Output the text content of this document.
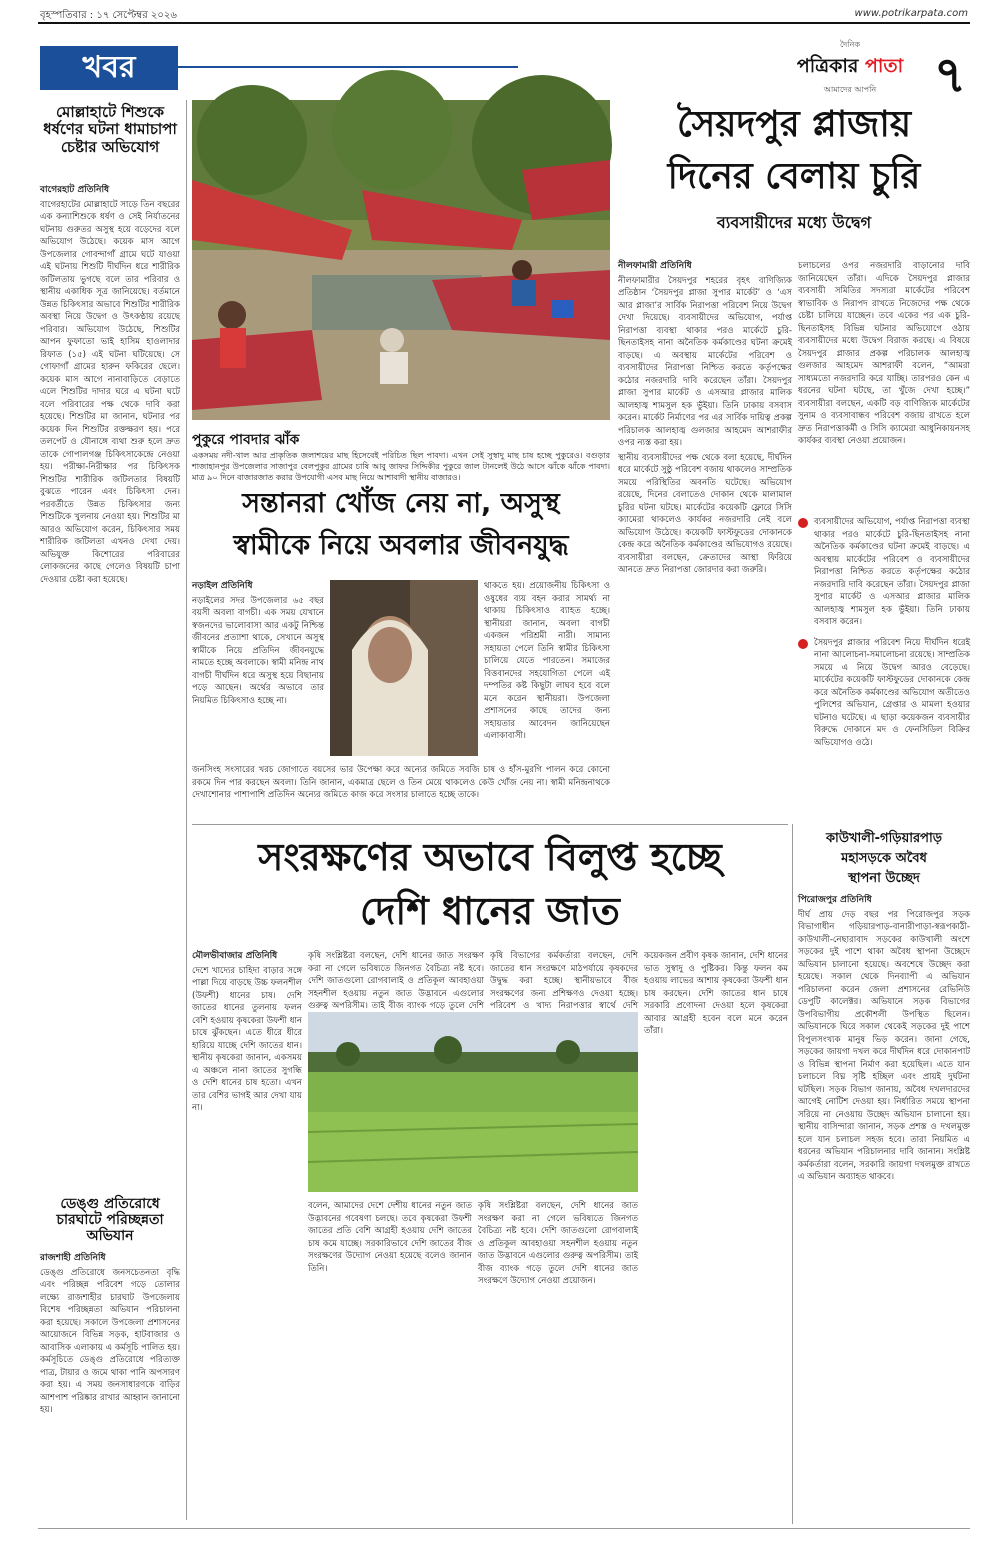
বৃহস্পতিবার : ১৭ সেপ্টেম্বর ২০২৬	www.potrikarpata.com
খবর
দৈনিক
পত্রিকার পাতা
আমাদের আপনি ৭
মোল্লাহাটে শিশুকে ধর্ষণের ঘটনা ধামাচাপা চেষ্টার অভিযোগ
বাগেরহাট প্রতিনিধি

বাগেরহাটের মোল্লাহাটে সাড়ে তিন বছরের এক কন্যাশিশুকে ধর্ষণ ও সেই নির্যাতনের ঘটনায় গুরুতর অসুস্থ হয়ে বড়েদের বলে অভিযোগ উঠেছে। কয়েক মাস আগে উপজেলার গোবন্দাগাঁ গ্রামে ঘটে যাওয়া এই ঘটনায় শিশুটি দীর্ঘদিন ধরে শারীরিক জটিলতায় ভুগছে বলে তার পরিবার ও স্থানীয় একাধিক সূত্র জানিয়েছে। বর্তমানে উন্নত চিকিৎসার অভাবে শিশুটির শারীরিক অবস্থা নিয়ে উদ্বেগ ও উৎকণ্ঠায় রয়েছে পরিবার। অভিযোগ উঠেছে, শিশুটির আপন ফুফাতো ভাই হাসিম হাওলাদার রিফাত (১৫) এই ঘটনা ঘটিয়েছে। সে গোফাগাঁ গ্রামের হারুন ফকিরের ছেলে। কয়েক মাস আগে নানাবাড়িতে বেড়াতে এলে শিশুটির দাদার ঘরে এ ঘটনা ঘটে বলে পরিবারের পক্ষ থেকে দাবি করা হয়েছে। শিশুটির মা জানান, ঘটনার পর কয়েক দিন শিশুটির রক্তক্ষরণ হয়। পরে তলপেট ও যৌনাঙ্গে ব্যথা শুরু হলে দ্রুত তাকে গোপালগঞ্জ চিকিৎসাকেন্দ্রে নেওয়া হয়। পরীক্ষা-নিরীক্ষার পর চিকিৎসক শিশুটির শারীরিক জটিলতার বিষয়টি বুঝতে পারেন এবং চিকিৎসা দেন। পরবর্তীতে উন্নত চিকিৎসার জন্য শিশুটিকে খুলনায় নেওয়া হয়। শিশুটির মা আরও অভিযোগ করেন, চিকিৎসার সময় শারীরিক জটিলতা এখনও দেখা দেয়। অভিযুক্ত কিশোরের পরিবারের লোকজনের কাছে গেলেও বিষয়টি চাপা দেওয়ার চেষ্টা করা হয়েছে।

ডেঙ্গু প্রতিরোধে চারঘাটে পরিচ্ছন্নতা অভিযান
রাজশাহী প্রতিনিধি

ডেঙ্গু প্রতিরোধে জনসচেতনতা বৃদ্ধি এবং পরিচ্ছন্ন পরিবেশ গড়ে তোলার লক্ষ্যে রাজশাহীর চারঘাট উপজেলায় বিশেষ পরিচ্ছন্নতা অভিযান পরিচালনা করা হয়েছে। সকালে উপজেলা প্রশাসনের আয়োজনে বিভিন্ন সড়ক, হাটবাজার ও আবাসিক এলাকায় এ কর্মসূচি পালিত হয়। কর্মসূচিতে ডেঙ্গু প্রতিরোধে পরিত্যক্ত পাত্র, টায়ার ও জমে থাকা পানি অপসারণ করা হয়। এ সময় জনসাধারণকে বাড়ির আশপাশ পরিষ্কার রাখার আহ্বান জানানো হয়।

পুকুরে পাবদার ঝাঁক
একসময় নদী-খাল আর প্রাকৃতিক জলাশয়ের মাছ হিসেবেই পরিচিত ছিল পাবদা। এখন সেই সুস্বাদু মাছ চাষ হচ্ছে পুকুরেও। বগুড়ার শাজাহানপুর উপজেলার সাজাপুর বেলপুকুর গ্রামের চাষি আবু জাফর সিদ্দিকীর পুকুরে জাল টানলেই উঠে আসে ঝাঁকে ঝাঁকে পাবদা। মাত্র ৯০ দিনে বাজারজাত করার উপযোগী এসব মাছ নিয়ে আশাবাদী স্থানীয় বাজারও।
সৈয়দপুর প্লাজায়
দিনের বেলায় চুরি
ব্যবসায়ীদের মধ্যে উদ্বেগ
নীলফামারী প্রতিনিধি

নীলফামারীর সৈয়দপুর শহরের বৃহৎ বাণিজ্যিক প্রতিষ্ঠান ‘সৈয়দপুর প্লাজা সুপার মার্কেট’ ও ‘এস আর প্লাজা’র সার্বিক নিরাপত্তা পরিবেশ নিয়ে উদ্বেগ দেখা দিয়েছে। ব্যবসায়ীদের অভিযোগ, পর্যাপ্ত নিরাপত্তা ব্যবস্থা থাকার পরও মার্কেটে চুরি-ছিনতাইসহ নানা অনৈতিক কর্মকাণ্ডের ঘটনা ক্রমেই বাড়ছে। এ অবস্থায় মার্কেটের পরিবেশ ও ব্যবসায়ীদের নিরাপত্তা নিশ্চিত করতে কর্তৃপক্ষের কঠোর নজরদারি দাবি করেছেন তাঁরা। সৈয়দপুর প্লাজা সুপার মার্কেট ও এসআর প্লাজার মালিক আলহাজ্ব শামসুল হক ভুঁইয়া। তিনি ঢাকায় বসবাস করেন। মার্কেট নির্মাণের পর এর সার্বিক দায়িত্ব প্রকল্প পরিচালক আলহাজ্ব গুলজার আহমেদ আশরাফীর ওপর ন্যস্ত করা হয়।

স্থানীয় ব্যবসায়ীদের পক্ষ থেকে বলা হয়েছে, দীর্ঘদিন ধরে মার্কেটে সুষ্ঠু পরিবেশ বজায় থাকলেও সাম্প্রতিক সময়ে পরিস্থিতির অবনতি ঘটেছে। অভিযোগ রয়েছে, দিনের বেলাতেও দোকান থেকে মালামাল চুরির ঘটনা ঘটছে। মার্কেটের কয়েকটি ফ্লোরে সিসি ক্যামেরা থাকলেও কার্যকর নজরদারি নেই বলে অভিযোগ উঠেছে। কয়েকটি ফাস্টফুডের দোকানকে কেন্দ্র করে অনৈতিক কর্মকাণ্ডের অভিযোগও রয়েছে। ব্যবসায়ীরা বলছেন, ক্রেতাদের আস্থা ফিরিয়ে আনতে দ্রুত নিরাপত্তা জোরদার করা জরুরি।

চলাচলের ওপর নজরদারি বাড়ানোর দাবি জানিয়েছেন তাঁরা। এদিকে সৈয়দপুর প্লাজার ব্যবসায়ী সমিতির সদস্যরা মার্কেটের পরিবেশ স্বাভাবিক ও নিরাপদ রাখতে নিজেদের পক্ষ থেকে চেষ্টা চালিয়ে যাচ্ছেন। তবে একের পর এক চুরি-ছিনতাইসহ বিভিন্ন ঘটনার অভিযোগে ওঠায় ব্যবসায়ীদের মধ্যে উদ্বেগ বিরাজ করছে। এ বিষয়ে সৈয়দপুর প্লাজার প্রকল্প পরিচালক আলহাজ্ব গুলজার আহমেদ আশরাফী বলেন, “আমরা সাধ্যমতো নজরদারি করে যাচ্ছি। তারপরও কেন এ ধরনের ঘটনা ঘটছে, তা খুঁজে দেখা হচ্ছে।” ব্যবসায়ীরা বলছেন, একটি বড় বাণিজ্যিক মার্কেটের সুনাম ও ব্যবসাবান্ধব পরিবেশ বজায় রাখতে হলে দ্রুত নিরাপত্তাকর্মী ও সিসি ক্যামেরা আধুনিকায়নসহ কার্যকর ব্যবস্থা নেওয়া প্রয়োজন।

ব্যবসায়ীদের অভিযোগ, পর্যাপ্ত নিরাপত্তা ব্যবস্থা থাকার পরও মার্কেটে চুরি-ছিনতাইসহ নানা অনৈতিক কর্মকাণ্ডের ঘটনা ক্রমেই বাড়ছে। এ অবস্থায় মার্কেটের পরিবেশ ও ব্যবসায়ীদের নিরাপত্তা নিশ্চিত করতে কর্তৃপক্ষের কঠোর নজরদারি দাবি করেছেন তাঁরা। সৈয়দপুর প্লাজা সুপার মার্কেট ও এসআর প্লাজার মালিক আলহাজ্ব শামসুল হক ভুঁইয়া। তিনি ঢাকায় বসবাস করেন।
সৈয়দপুর প্লাজার পরিবেশ নিয়ে দীর্ঘদিন ধরেই নানা আলোচনা-সমালোচনা রয়েছে। সাম্প্রতিক সময়ে এ নিয়ে উদ্বেগ আরও বেড়েছে। মার্কেটের কয়েকটি ফাস্টফুডের দোকানকে কেন্দ্র করে অনৈতিক কর্মকাণ্ডের অভিযোগ অতীতেও পুলিশের অভিযান, গ্রেপ্তার ও মামলা হওয়ার ঘটনাও ঘটেছে। এ ছাড়া কয়েকজন ব্যবসায়ীর বিরুদ্ধে দোকানে মদ ও ফেনসিডিল বিক্রির অভিযোগও ওঠে।
সন্তানরা খোঁজ নেয় না, অসুস্থ
স্বামীকে নিয়ে অবলার জীবনযুদ্ধ
নড়াইল প্রতিনিধি

নড়াইলের সদর উপজেলার ৬৫ বছর বয়সী অবলা বাগচী। এক সময় যেখানে স্বজনদের ভালোবাসা আর একটু নিশ্চিন্ত জীবনের প্রত্যাশা থাকে, সেখানে অসুস্থ স্বামীকে নিয়ে প্রতিদিন জীবনযুদ্ধে নামতে হচ্ছে অবলাকে। স্বামী মনিন্দ্র নাথ বাগচী দীর্ঘদিন ধরে অসুস্থ হয়ে বিছানায় পড়ে আছেন। অর্থের অভাবে তার নিয়মিত চিকিৎসাও হচ্ছে না।

থাকতে হয়। প্রয়োজনীয় চিকিৎসা ও ওষুধের ব্যয় বহন করার সামর্থ্য না থাকায় চিকিৎসাও ব্যাহত হচ্ছে। স্থানীয়রা জানান, অবলা বাগচী একজন পরিশ্রমী নারী। সামান্য সহায়তা পেলে তিনি স্বামীর চিকিৎসা চালিয়ে যেতে পারতেন। সমাজের বিত্তবানদের সহযোগিতা পেলে এই দম্পতির কষ্ট কিছুটা লাঘব হবে বলে মনে করেন স্থানীয়রা। উপজেলা প্রশাসনের কাছে তাদের জন্য সহায়তার আবেদন জানিয়েছেন এলাকাবাসী।

জনসিংহ সংসারের খরচ জোগাতে বয়সের ভার উপেক্ষা করে অন্যের জমিতে সবজি চাষ ও হাঁস-মুরগি পালন করে কোনো রকমে দিন পার করছেন অবলা। তিনি জানান, একমাত্র ছেলে ও তিন মেয়ে থাকলেও কেউ খোঁজ নেয় না। স্বামী মনিন্দ্রনাথকে দেখাশোনার পাশাপাশি প্রতিদিন অন্যের জমিতে কাজ করে সংসার চালাতে হচ্ছে তাকে।

কাউখালী-গড়িয়ারপাড়
মহাসড়কে অবৈধ
স্থাপনা উচ্ছেদ
পিরোজপুর প্রতিনিধি

দীর্ঘ প্রায় দেড় বছর পর পিরোজপুর সড়ক বিভাগাধীন গড়িয়ারপাড়-বানারীপাড়া-স্বরূপকাঠী-কাউখালী-নেছারাবাদ সড়কের কাউখালী অংশে সড়কের দুই পাশে থাকা অবৈধ স্থাপনা উচ্ছেদে অভিযান চালানো হয়েছে। অবশেষে উচ্ছেদ করা হয়েছে। সকাল থেকে দিনব্যাপী এ অভিযান পরিচালনা করেন জেলা প্রশাসনের রেভিনিউ ডেপুটি কালেক্টর। অভিযানে সড়ক বিভাগের উপবিভাগীয় প্রকৌশলী উপস্থিত ছিলেন। অভিযানকে ঘিরে সকাল থেকেই সড়কের দুই পাশে বিপুলসংখ্যক মানুষ ভিড় করেন। জানা গেছে, সড়কের জায়গা দখল করে দীর্ঘদিন ধরে দোকানপাট ও বিভিন্ন স্থাপনা নির্মাণ করা হয়েছিল। এতে যান চলাচলে বিঘ্ন সৃষ্টি হচ্ছিল এবং প্রায়ই দুর্ঘটনা ঘটছিল। সড়ক বিভাগ জানায়, অবৈধ দখলদারদের আগেই নোটিশ দেওয়া হয়। নির্ধারিত সময়ে স্থাপনা সরিয়ে না নেওয়ায় উচ্ছেদ অভিযান চালানো হয়। স্থানীয় বাসিন্দারা জানান, সড়ক প্রশস্ত ও দখলমুক্ত হলে যান চলাচল সহজ হবে। তারা নিয়মিত এ ধরনের অভিযান পরিচালনার দাবি জানান। সংশ্লিষ্ট কর্মকর্তারা বলেন, সরকারি জায়গা দখলমুক্ত রাখতে এ অভিযান অব্যাহত থাকবে।

সংরক্ষণের অভাবে বিলুপ্ত হচ্ছে
দেশি ধানের জাত
মৌলভীবাজার প্রতিনিধি

দেশে খাদ্যের চাহিদা বাড়ার সঙ্গে পাল্লা দিয়ে বাড়ছে উচ্চ ফলনশীল (উফশী) ধানের চাষ। দেশি জাতের ধানের তুলনায় ফলন বেশি হওয়ায় কৃষকেরা উফশী ধান চাষে ঝুঁকছেন। এতে ধীরে ধীরে হারিয়ে যাচ্ছে দেশি জাতের ধান। স্থানীয় কৃষকেরা জানান, একসময় এ অঞ্চলে নানা জাতের সুগন্ধি ও দেশি ধানের চাষ হতো। এখন তার বেশির ভাগই আর দেখা যায় না।

কৃষি সংশ্লিষ্টরা বলছেন, দেশি ধানের জাত সংরক্ষণ করা না গেলে ভবিষ্যতে জিনগত বৈচিত্র্য নষ্ট হবে। দেশি জাতগুলো রোগবালাই ও প্রতিকূল আবহাওয়া সহনশীল হওয়ায় নতুন জাত উদ্ভাবনে এগুলোর গুরুত্ব অপরিসীম। তাই বীজ ব্যাংক গড়ে তুলে দেশি

কৃষি বিভাগের কর্মকর্তারা বলছেন, দেশি জাতের ধান সংরক্ষণে মাঠপর্যায়ে কৃষকদের উদ্বুদ্ধ করা হচ্ছে। স্থানীয়ভাবে বীজ সংরক্ষণের জন্য প্রশিক্ষণও দেওয়া হচ্ছে। পরিবেশ ও খাদ্য নিরাপত্তার স্বার্থে দেশি

কয়েকজন প্রবীণ কৃষক জানান, দেশি ধানের ভাত সুস্বাদু ও পুষ্টিকর। কিন্তু ফলন কম হওয়ায় লাভের আশায় কৃষকেরা উফশী ধান চাষ করছেন। দেশি জাতের ধান চাষে সরকারি প্রণোদনা দেওয়া হলে কৃষকেরা আবার আগ্রহী হবেন বলে মনে করেন তাঁরা।

বলেন, আমাদের দেশে দেশীয় ধানের নতুন জাত উদ্ভাবনের গবেষণা চলছে। তবে কৃষকেরা উফশী জাতের প্রতি বেশি আগ্রহী হওয়ায় দেশি জাতের চাষ কমে যাচ্ছে। সরকারিভাবে দেশি জাতের বীজ সংরক্ষণের উদ্যোগ নেওয়া হয়েছে বলেও জানান তিনি।

কৃষি সংশ্লিষ্টরা বলছেন, দেশি ধানের জাত সংরক্ষণ করা না গেলে ভবিষ্যতে জিনগত বৈচিত্র্য নষ্ট হবে। দেশি জাতগুলো রোগবালাই ও প্রতিকূল আবহাওয়া সহনশীল হওয়ায় নতুন জাত উদ্ভাবনে এগুলোর গুরুত্ব অপরিসীম। তাই বীজ ব্যাংক গড়ে তুলে দেশি ধানের জাত সংরক্ষণে উদ্যোগ নেওয়া প্রয়োজন।
